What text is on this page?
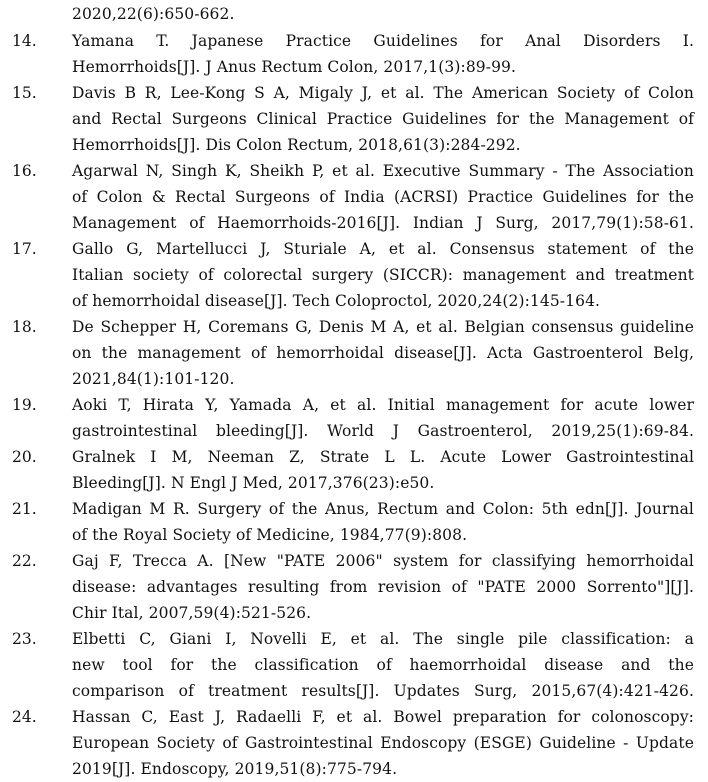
2020,22(6):650-662.
14.	Yamana T. Japanese Practice Guidelines for Anal Disorders I.
Hemorrhoids[J]. J Anus Rectum Colon, 2017,1(3):89-99.
15.	Davis B R, Lee-Kong S A, Migaly J, et al. The American Society of Colon
and Rectal Surgeons Clinical Practice Guidelines for the Management of
Hemorrhoids[J]. Dis Colon Rectum, 2018,61(3):284-292.
16.	Agarwal N, Singh K, Sheikh P, et al. Executive Summary - The Association
of Colon & Rectal Surgeons of India (ACRSI) Practice Guidelines for the
Management of Haemorrhoids-2016[J]. Indian J Surg, 2017,79(1):58-61.
17.	Gallo G, Martellucci J, Sturiale A, et al. Consensus statement of the
Italian society of colorectal surgery (SICCR): management and treatment
of hemorrhoidal disease[J]. Tech Coloproctol, 2020,24(2):145-164.
18.	De Schepper H, Coremans G, Denis M A, et al. Belgian consensus guideline
on the management of hemorrhoidal disease[J]. Acta Gastroenterol Belg,
2021,84(1):101-120.
19.	Aoki T, Hirata Y, Yamada A, et al. Initial management for acute lower
gastrointestinal bleeding[J]. World J Gastroenterol, 2019,25(1):69-84.
20.	Gralnek I M, Neeman Z, Strate L L. Acute Lower Gastrointestinal
Bleeding[J]. N Engl J Med, 2017,376(23):e50.
21.	Madigan M R. Surgery of the Anus, Rectum and Colon: 5th edn[J]. Journal
of the Royal Society of Medicine, 1984,77(9):808.
22.	Gaj F, Trecca A. [New "PATE 2006" system for classifying hemorrhoidal
disease: advantages resulting from revision of "PATE 2000 Sorrento"][J].
Chir Ital, 2007,59(4):521-526.
23.	Elbetti C, Giani I, Novelli E, et al. The single pile classification: a
new tool for the classification of haemorrhoidal disease and the
comparison of treatment results[J]. Updates Surg, 2015,67(4):421-426.
24.	Hassan C, East J, Radaelli F, et al. Bowel preparation for colonoscopy:
European Society of Gastrointestinal Endoscopy (ESGE) Guideline - Update
2019[J]. Endoscopy, 2019,51(8):775-794.
